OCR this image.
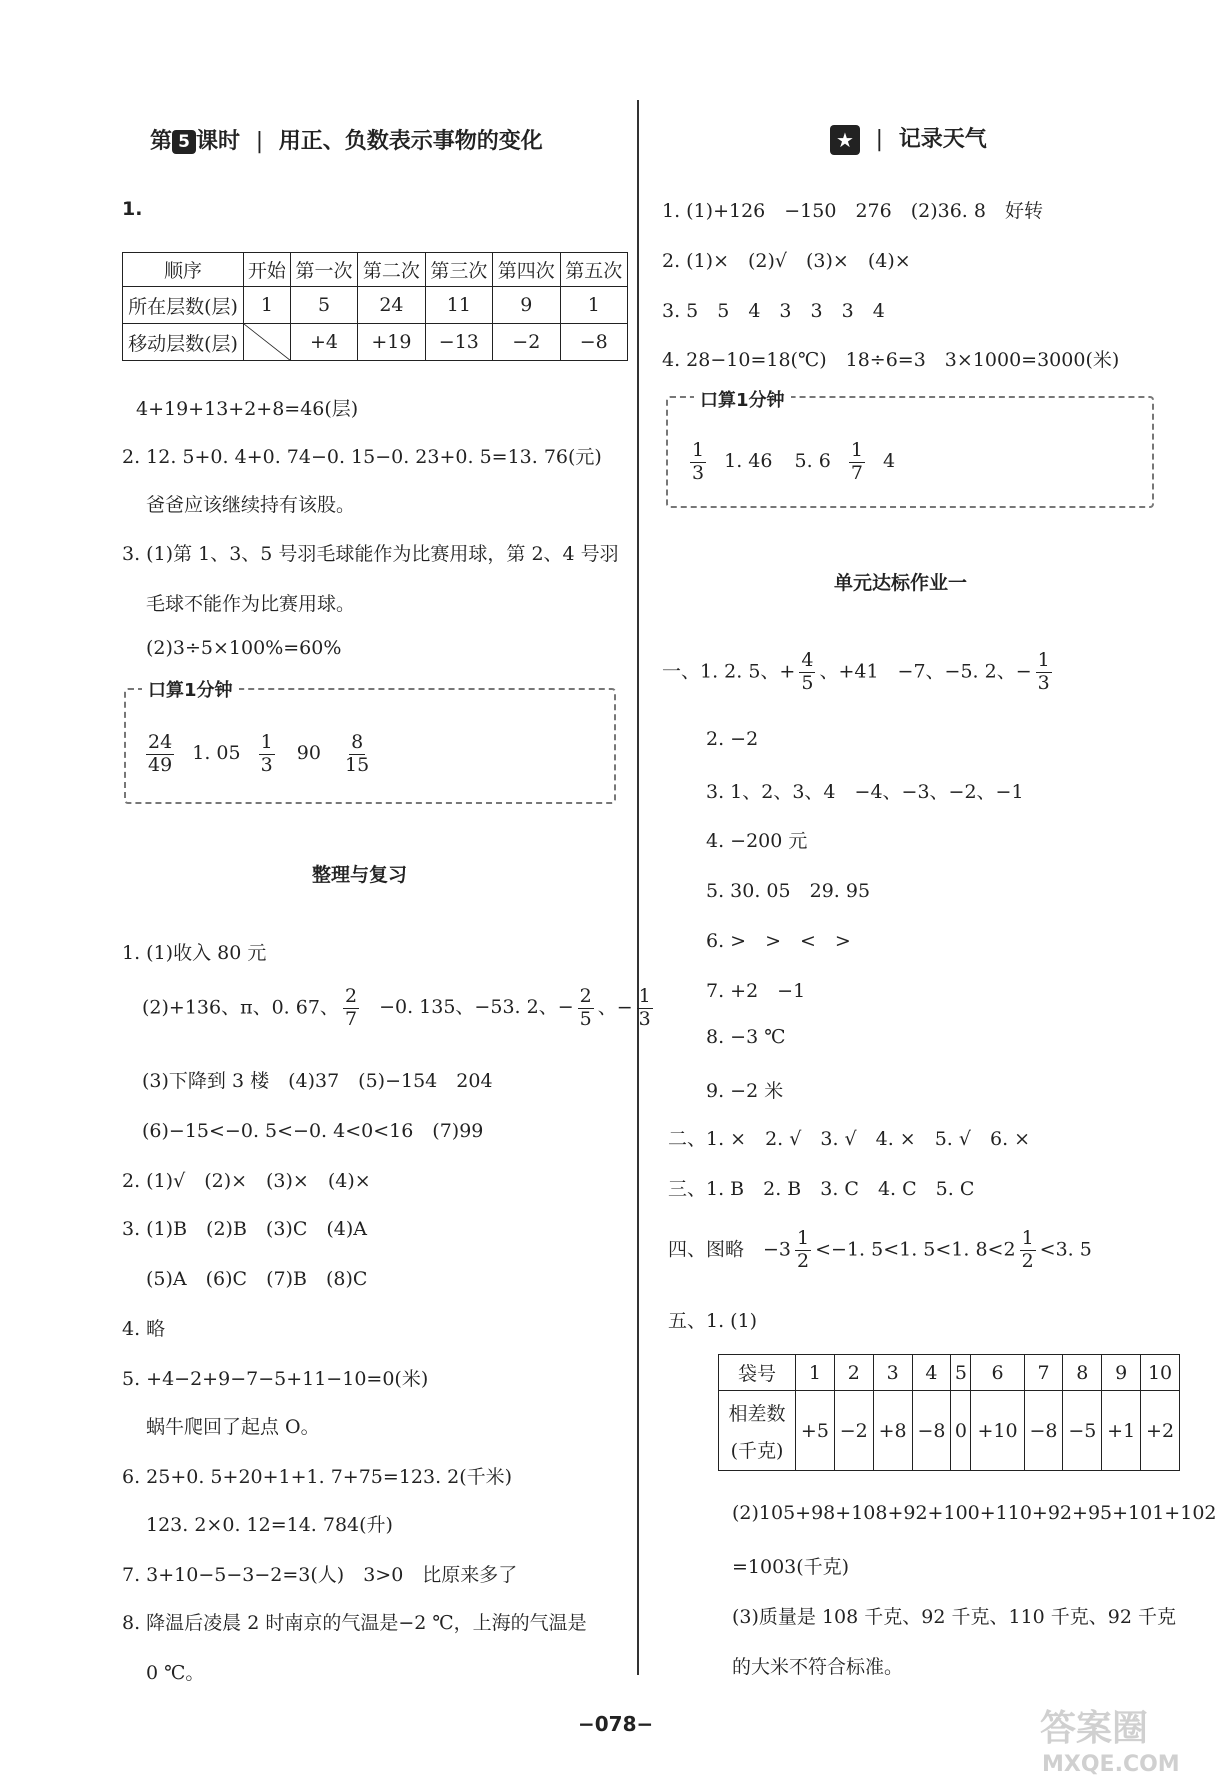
第 5 课时 | 用正、负数表示事物的变化
1.
顺序	开始	第一次	第二次	第三次	第四次	第五次
所在层数(层)	1	5	24	11	9	1
移动层数(层)		+4	+19	−13	−2	−8
4+19+13+2+8=46(层)
2. 12. 5+0. 4+0. 74−0. 15−0. 23+0. 5=13. 76(元)
爸爸应该继续持有该股。
3. (1)第 1、3、5 号羽毛球能作为比赛用球，第 2、4 号羽
毛球不能作为比赛用球。
(2)3÷5×100%=60%
口算1分钟
$\frac{24}{49} 1$. $05 \frac{1}{3} 90 \frac{8}{15}$
整理与复习
1. (1)收入 80 元
(2)+136、π、0. 67、 $\frac{2}{7} -0$. 135、−53. 2、− $\frac{2}{5}$ 、− $\frac{1}{3}$
(3)下降到 3 楼　(4)37　(5)−154　204
(6)−15<−0. 5<−0. 4<0<16　(7)99
2. (1)√　(2)×　(3)×　(4)×
3. (1)B　(2)B　(3)C　(4)A
(5)A　(6)C　(7)B　(8)C
4. 略
5. +4−2+9−7−5+11−10=0(米)
蜗牛爬回了起点 O。
6. 25+0. 5+20+1+1. 7+75=123. 2(千米)
123. 2×0. 12=14. 784(升)
7. 3+10−5−3−2=3(人)　3>0　比原来多了
8. 降温后凌晨 2 时南京的气温是−2 ℃，上海的气温是
0 ℃。
★ | 记录天气
1. (1)+126　−150　276　(2)36. 8　好转
2. (1)×　(2)√　(3)×　(4)×
3. 5　5　4　3　3　3　4
4. 28−10=18(℃)　18÷6=3　3×1000=3000(米)
口算1分钟
$\frac{1}{3} 1$. 46 5. $6 \frac{1}{7} 4$
单元达标作业一
一、1. 2. 5、+ $\frac{4}{5}$ 、+41　−7、−5. 2、− $\frac{1}{3}$
2. −2
3. 1、2、3、4　−4、−3、−2、−1
4. −200 元
5. 30. 05　29. 95
6. >　>　<　>
7. +2　−1
8. −3 ℃
9. −2 米
二、1. ×　2. √　3. √　4. ×　5. √　6. ×
三、1. B　2. B　3. C　4. C　5. C
四、图略　$-3 \frac{1}{2} <-1$. 5<1. 5<1. $8<2 \frac{1}{2} <3$. 5
五、1. (1)
袋号	1	2	3	4	5	6	7	8	9	10

相差数
(千克)	+5	−2	+8	−8	0	+10	−8	−5	+1	+2
(2)105+98+108+92+100+110+92+95+101+102
=1003(千克)
(3)质量是 108 千克、92 千克、110 千克、92 千克
的大米不符合标准。
−078−	答案圈
MXQE.COM
